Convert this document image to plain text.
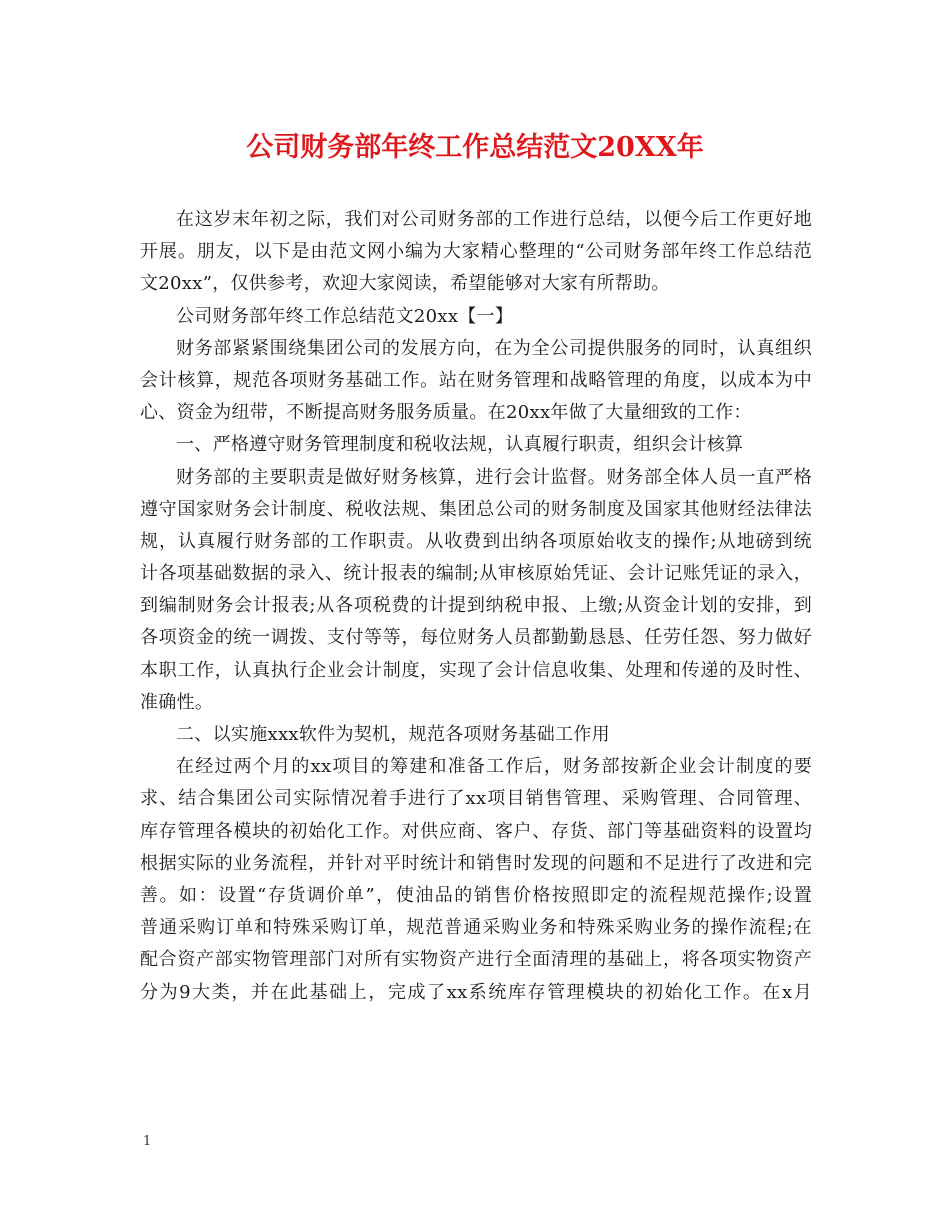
公司财务部年终工作总结范文20XX年
在这岁末年初之际，我们对公司财务部的工作进行总结，以便今后工作更好地
开展。朋友，以下是由范文网小编为大家精心整理的“公司财务部年终工作总结范
文20xx”，仅供参考，欢迎大家阅读，希望能够对大家有所帮助。
公司财务部年终工作总结范文20xx【一】
财务部紧紧围绕集团公司的发展方向，在为全公司提供服务的同时，认真组织
会计核算，规范各项财务基础工作。站在财务管理和战略管理的角度，以成本为中
心、资金为纽带，不断提高财务服务质量。在20xx年做了大量细致的工作：
一、严格遵守财务管理制度和税收法规，认真履行职责，组织会计核算
财务部的主要职责是做好财务核算，进行会计监督。财务部全体人员一直严格
遵守国家财务会计制度、税收法规、集团总公司的财务制度及国家其他财经法律法
规，认真履行财务部的工作职责。从收费到出纳各项原始收支的操作;从地磅到统
计各项基础数据的录入、统计报表的编制;从审核原始凭证、会计记账凭证的录入，
到编制财务会计报表;从各项税费的计提到纳税申报、上缴;从资金计划的安排，到
各项资金的统一调拨、支付等等，每位财务人员都勤勤恳恳、任劳任怨、努力做好
本职工作，认真执行企业会计制度，实现了会计信息收集、处理和传递的及时性、
准确性。
二、以实施xxx软件为契机，规范各项财务基础工作用
在经过两个月的xx项目的筹建和准备工作后，财务部按新企业会计制度的要
求、结合集团公司实际情况着手进行了xx项目销售管理、采购管理、合同管理、
库存管理各模块的初始化工作。对供应商、客户、存货、部门等基础资料的设置均
根据实际的业务流程，并针对平时统计和销售时发现的问题和不足进行了改进和完
善。如：设置“存货调价单”，使油品的销售价格按照即定的流程规范操作;设置
普通采购订单和特殊采购订单，规范普通采购业务和特殊采购业务的操作流程;在
配合资产部实物管理部门对所有实物资产进行全面清理的基础上，将各项实物资产
分为9大类，并在此基础上，完成了xx系统库存管理模块的初始化工作。在x月
1
